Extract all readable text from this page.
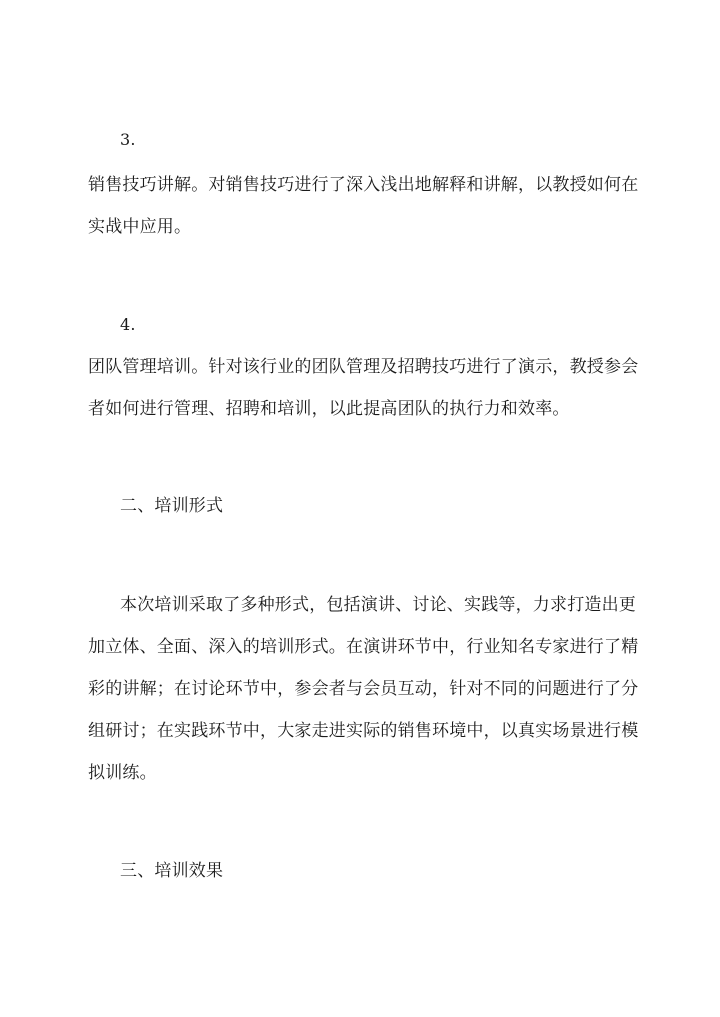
3.
销售技巧讲解。对销售技巧进行了深入浅出地解释和讲解，以教授如何在
实战中应用。
4.
团队管理培训。针对该行业的团队管理及招聘技巧进行了演示，教授参会
者如何进行管理、招聘和培训，以此提高团队的执行力和效率。
二、培训形式
本次培训采取了多种形式，包括演讲、讨论、实践等，力求打造出更
加立体、全面、深入的培训形式。在演讲环节中，行业知名专家进行了精
彩的讲解；在讨论环节中，参会者与会员互动，针对不同的问题进行了分
组研讨；在实践环节中，大家走进实际的销售环境中，以真实场景进行模
拟训练。
三、培训效果
